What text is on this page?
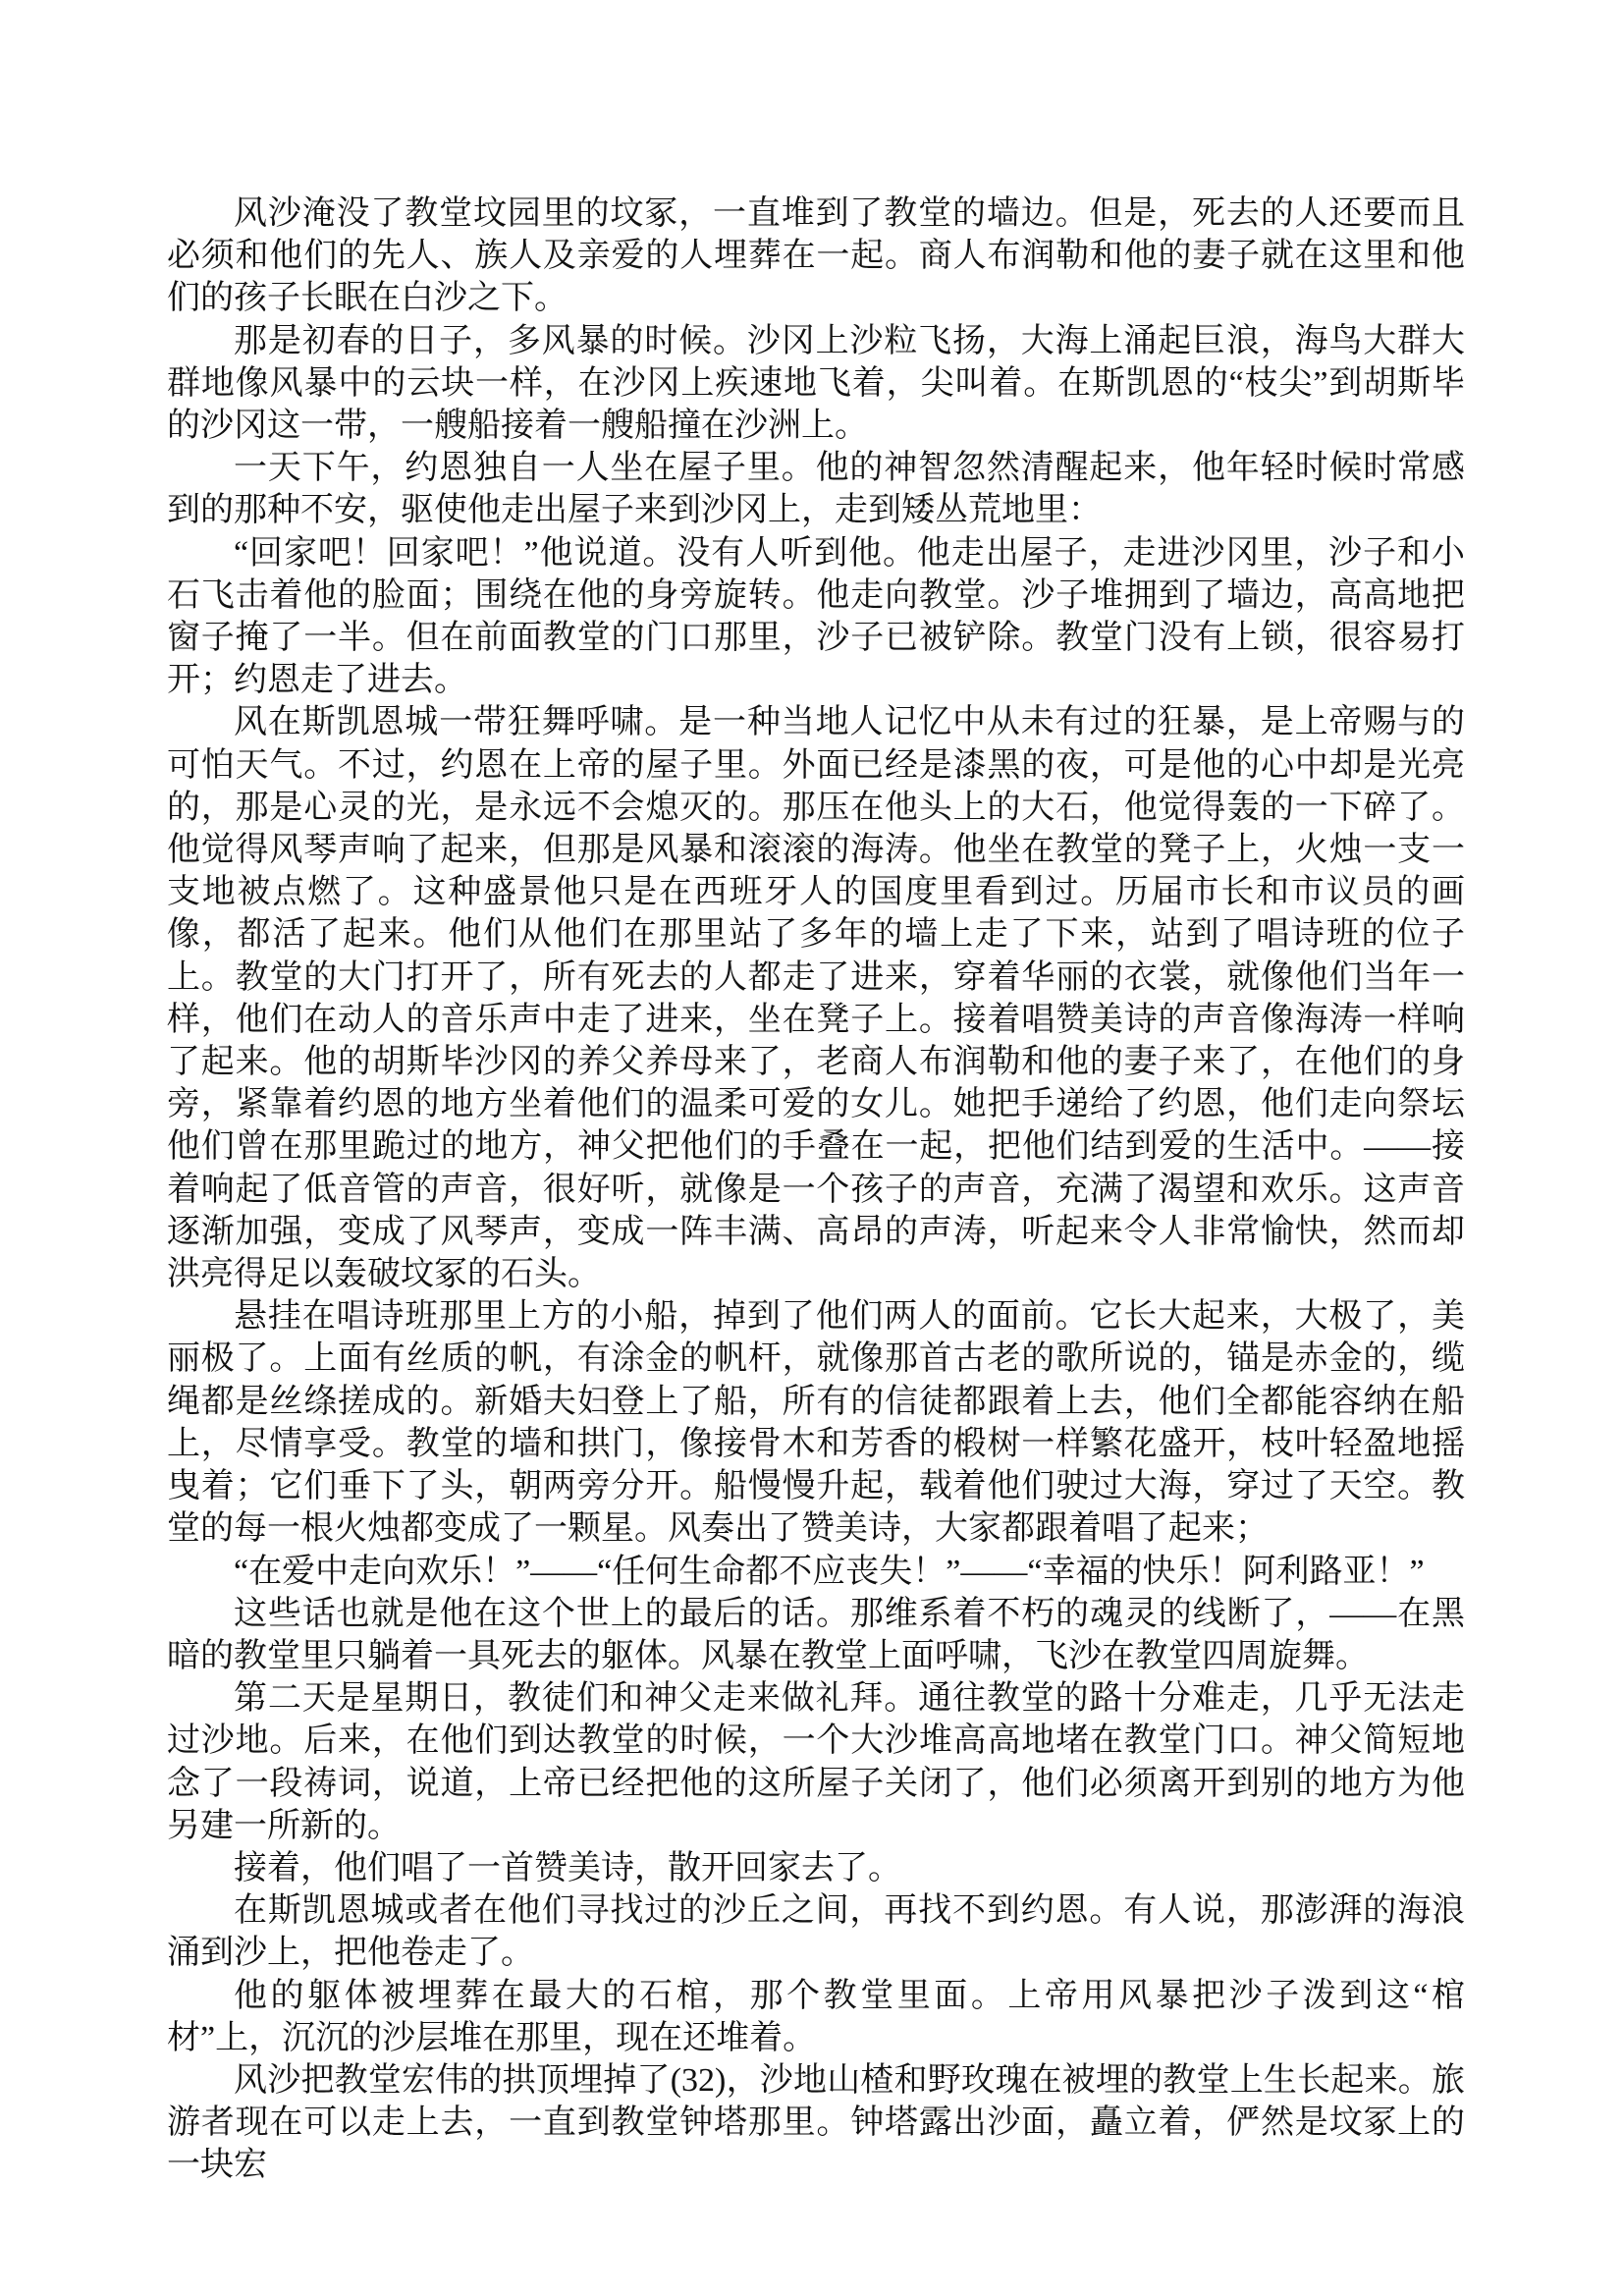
风沙淹没了教堂坟园里的坟冢，一直堆到了教堂的墙边。但是，死去的人还要而且必须和他们的先人、族人及亲爱的人埋葬在一起。商人布润勒和他的妻子就在这里和他们的孩子长眠在白沙之下。

那是初春的日子，多风暴的时候。沙冈上沙粒飞扬，大海上涌起巨浪，海鸟大群大群地像风暴中的云块一样，在沙冈上疾速地飞着，尖叫着。在斯凯恩的“枝尖”到胡斯毕的沙冈这一带，一艘船接着一艘船撞在沙洲上。

一天下午，约恩独自一人坐在屋子里。他的神智忽然清醒起来，他年轻时候时常感到的那种不安，驱使他走出屋子来到沙冈上，走到矮丛荒地里：

“回家吧！回家吧！”他说道。没有人听到他。他走出屋子，走进沙冈里，沙子和小石飞击着他的脸面；围绕在他的身旁旋转。他走向教堂。沙子堆拥到了墙边，高高地把窗子掩了一半。但在前面教堂的门口那里，沙子已被铲除。教堂门没有上锁，很容易打开；约恩走了进去。

风在斯凯恩城一带狂舞呼啸。是一种当地人记忆中从未有过的狂暴，是上帝赐与的可怕天气。不过，约恩在上帝的屋子里。外面已经是漆黑的夜，可是他的心中却是光亮的，那是心灵的光，是永远不会熄灭的。那压在他头上的大石，他觉得轰的一下碎了。他觉得风琴声响了起来，但那是风暴和滚滚的海涛。他坐在教堂的凳子上，火烛一支一支地被点燃了。这种盛景他只是在西班牙人的国度里看到过。历届市长和市议员的画像，都活了起来。他们从他们在那里站了多年的墙上走了下来，站到了唱诗班的位子上。教堂的大门打开了，所有死去的人都走了进来，穿着华丽的衣裳，就像他们当年一样，他们在动人的音乐声中走了进来，坐在凳子上。接着唱赞美诗的声音像海涛一样响了起来。他的胡斯毕沙冈的养父养母来了，老商人布润勒和他的妻子来了，在他们的身旁，紧靠着约恩的地方坐着他们的温柔可爱的女儿。她把手递给了约恩，他们走向祭坛他们曾在那里跪过的地方，神父把他们的手叠在一起，把他们结到爱的生活中。——接着响起了低音管的声音，很好听，就像是一个孩子的声音，充满了渴望和欢乐。这声音逐渐加强，变成了风琴声，变成一阵丰满、高昂的声涛，听起来令人非常愉快，然而却洪亮得足以轰破坟冢的石头。

悬挂在唱诗班那里上方的小船，掉到了他们两人的面前。它长大起来，大极了，美丽极了。上面有丝质的帆，有涂金的帆杆，就像那首古老的歌所说的，锚是赤金的，缆绳都是丝绦搓成的。新婚夫妇登上了船，所有的信徒都跟着上去，他们全都能容纳在船上，尽情享受。教堂的墙和拱门，像接骨木和芳香的椴树一样繁花盛开，枝叶轻盈地摇曳着；它们垂下了头，朝两旁分开。船慢慢升起，载着他们驶过大海，穿过了天空。教堂的每一根火烛都变成了一颗星。风奏出了赞美诗，大家都跟着唱了起来；

“在爱中走向欢乐！”——“任何生命都不应丧失！”——“幸福的快乐！阿利路亚！”

这些话也就是他在这个世上的最后的话。那维系着不朽的魂灵的线断了，——在黑暗的教堂里只躺着一具死去的躯体。风暴在教堂上面呼啸，飞沙在教堂四周旋舞。

第二天是星期日，教徒们和神父走来做礼拜。通往教堂的路十分难走，几乎无法走过沙地。后来，在他们到达教堂的时候，一个大沙堆高高地堵在教堂门口。神父简短地念了一段祷词，说道，上帝已经把他的这所屋子关闭了，他们必须离开到别的地方为他另建一所新的。

接着，他们唱了一首赞美诗，散开回家去了。

在斯凯恩城或者在他们寻找过的沙丘之间，再找不到约恩。有人说，那澎湃的海浪涌到沙上，把他卷走了。

他的躯体被埋葬在最大的石棺，那个教堂里面。上帝用风暴把沙子泼到这“棺材”上，沉沉的沙层堆在那里，现在还堆着。

风沙把教堂宏伟的拱顶埋掉了(32)，沙地山楂和野玫瑰在被埋的教堂上生长起来。旅游者现在可以走上去，一直到教堂钟塔那里。钟塔露出沙面，矗立着，俨然是坟冢上的一块宏
